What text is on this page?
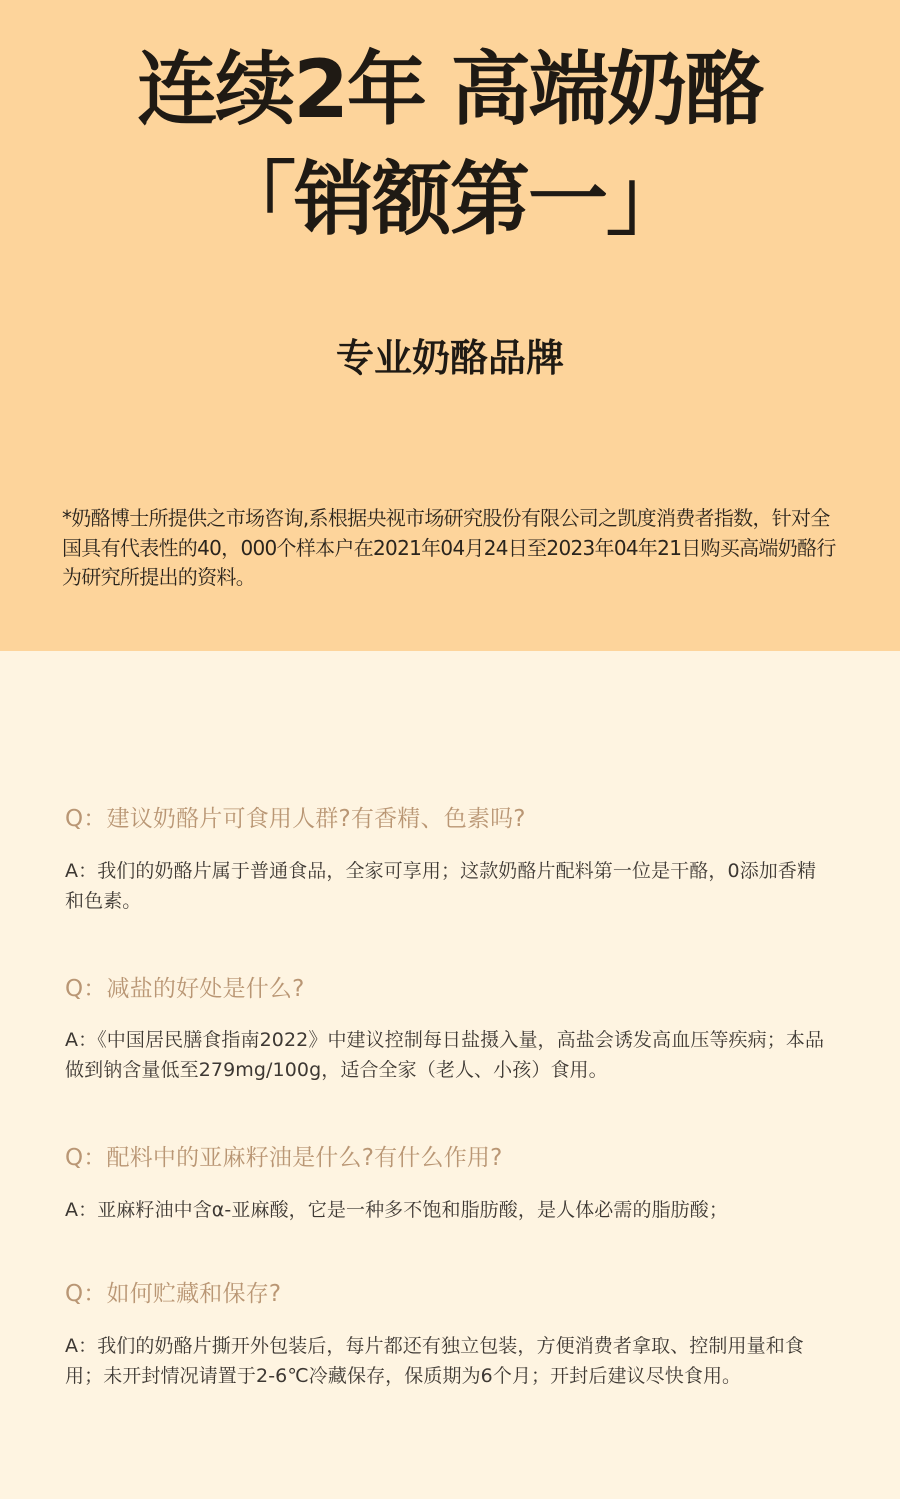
连续2年 高端奶酪
「销额第一」
专业奶酪品牌
*奶酪博士所提供之市场咨询,系根据央视市场研究股份有限公司之凯度消费者指数，针对全国具有代表性的40，000个样本户在2021年04月24日至2023年04年21日购买高端奶酪行为研究所提出的资料。
Q：建议奶酪片可食用人群?有香精、色素吗?
A：我们的奶酪片属于普通食品，全家可享用；这款奶酪片配料第一位是干酪，0添加香精和色素。
Q：减盐的好处是什么?
A：《中国居民膳食指南2022》中建议控制每日盐摄入量，高盐会诱发高血压等疾病；本品做到钠含量低至279mg/100g，适合全家（老人、小孩）食用。
Q：配料中的亚麻籽油是什么?有什么作用?
A：亚麻籽油中含α-亚麻酸，它是一种多不饱和脂肪酸，是人体必需的脂肪酸；
Q：如何贮藏和保存?
A：我们的奶酪片撕开外包装后，每片都还有独立包装，方便消费者拿取、控制用量和食用；未开封情况请置于2-6℃冷藏保存，保质期为6个月；开封后建议尽快食用。
